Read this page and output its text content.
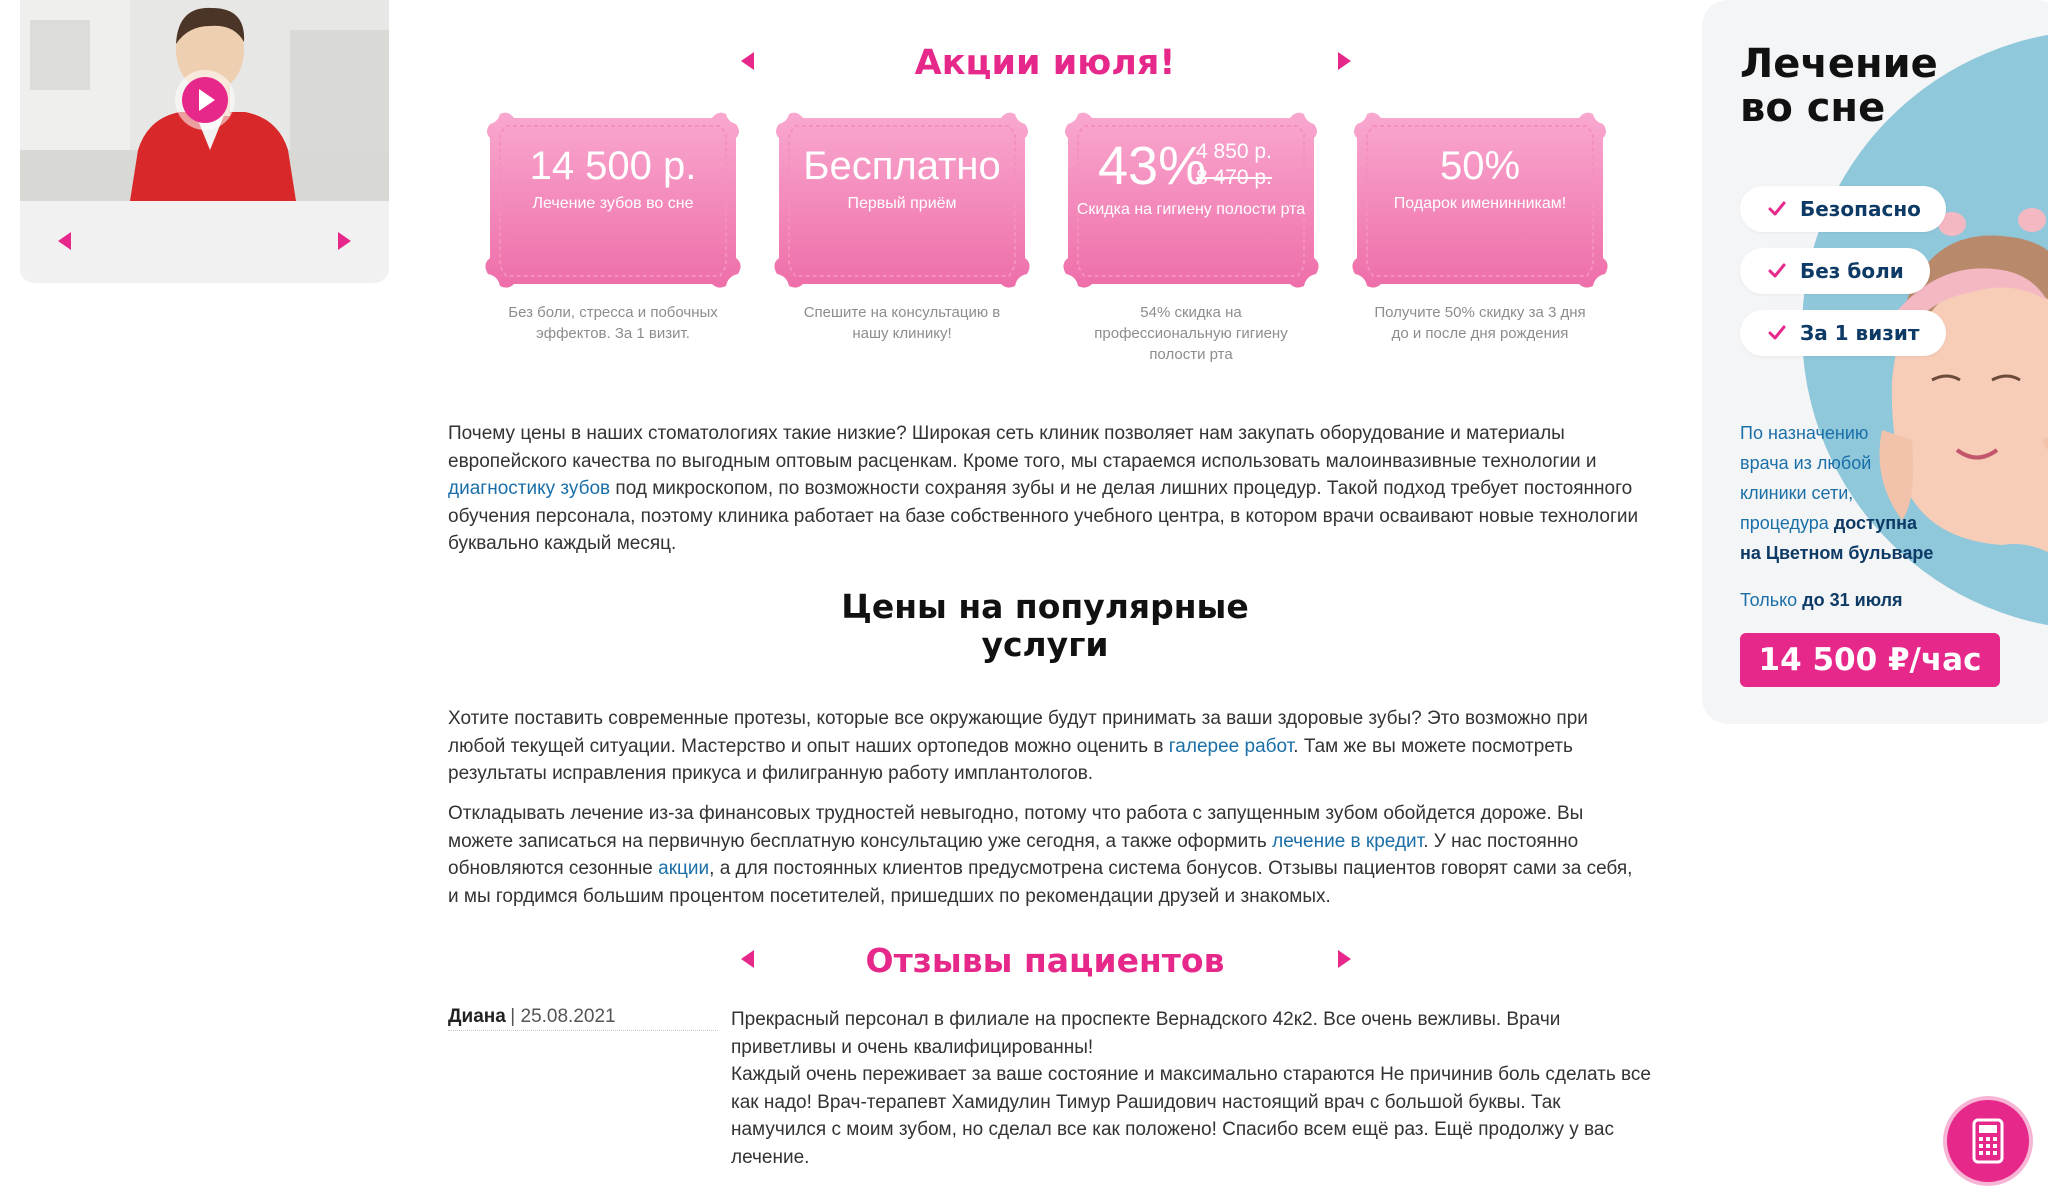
Акции июля!
14 500 р.
Лечение зубов во сне
Без боли, стресса и побочных эффектов. За 1 визит.
Бесплатно
Первый приём
Спешите на консультацию в нашу клинику!
43%
4 850 р.
8 470 р.
Скидка на гигиену полости рта
54% скидка на профессиональную гигиену полости рта
50%
Подарок именинникам!
Получите 50% скидку за 3 дня до и после дня рождения
Почему цены в наших стоматологиях такие низкие? Широкая сеть клиник позволяет нам закупать оборудование и материалы европейского качества по выгодным оптовым расценкам. Кроме того, мы стараемся использовать малоинвазивные технологии и диагностику зубов под микроскопом, по возможности сохраняя зубы и не делая лишних процедур. Такой подход требует постоянного обучения персонала, поэтому клиника работает на базе собственного учебного центра, в котором врачи осваивают новые технологии буквально каждый месяц.
Цены на популярные
услуги
Хотите поставить современные протезы, которые все окружающие будут принимать за ваши здоровые зубы? Это возможно при любой текущей ситуации. Мастерство и опыт наших ортопедов можно оценить в галерее работ. Там же вы можете посмотреть результаты исправления прикуса и филигранную работу имплантологов.
Откладывать лечение из-за финансовых трудностей невыгодно, потому что работа с запущенным зубом обойдется дороже. Вы можете записаться на первичную бесплатную консультацию уже сегодня, а также оформить лечение в кредит. У нас постоянно обновляются сезонные акции, а для постоянных клиентов предусмотрена система бонусов. Отзывы пациентов говорят сами за себя, и мы гордимся большим процентом посетителей, пришедших по рекомендации друзей и знакомых.
Отзывы пациентов
Диана | 25.08.2021	Прекрасный персонал в филиале на проспекте Вернадского 42к2. Все очень вежливы. Врачи приветливы и очень квалифицированны!
Каждый очень переживает за ваше состояние и максимально стараются Не причинив боль сделать все как надо! Врач-терапевт Хамидулин Тимур Рашидович настоящий врач с большой буквы. Так намучился с моим зубом, но сделал все как положено! Спасибо всем ещё раз. Ещё продолжу у вас лечение.
Лечение
во сне
Безопасно
Без боли
За 1 визит
По назначению
врача из любой
клиники сети,
процедура доступна
на Цветном бульваре
Только до 31 июля
14 500 ₽/час
